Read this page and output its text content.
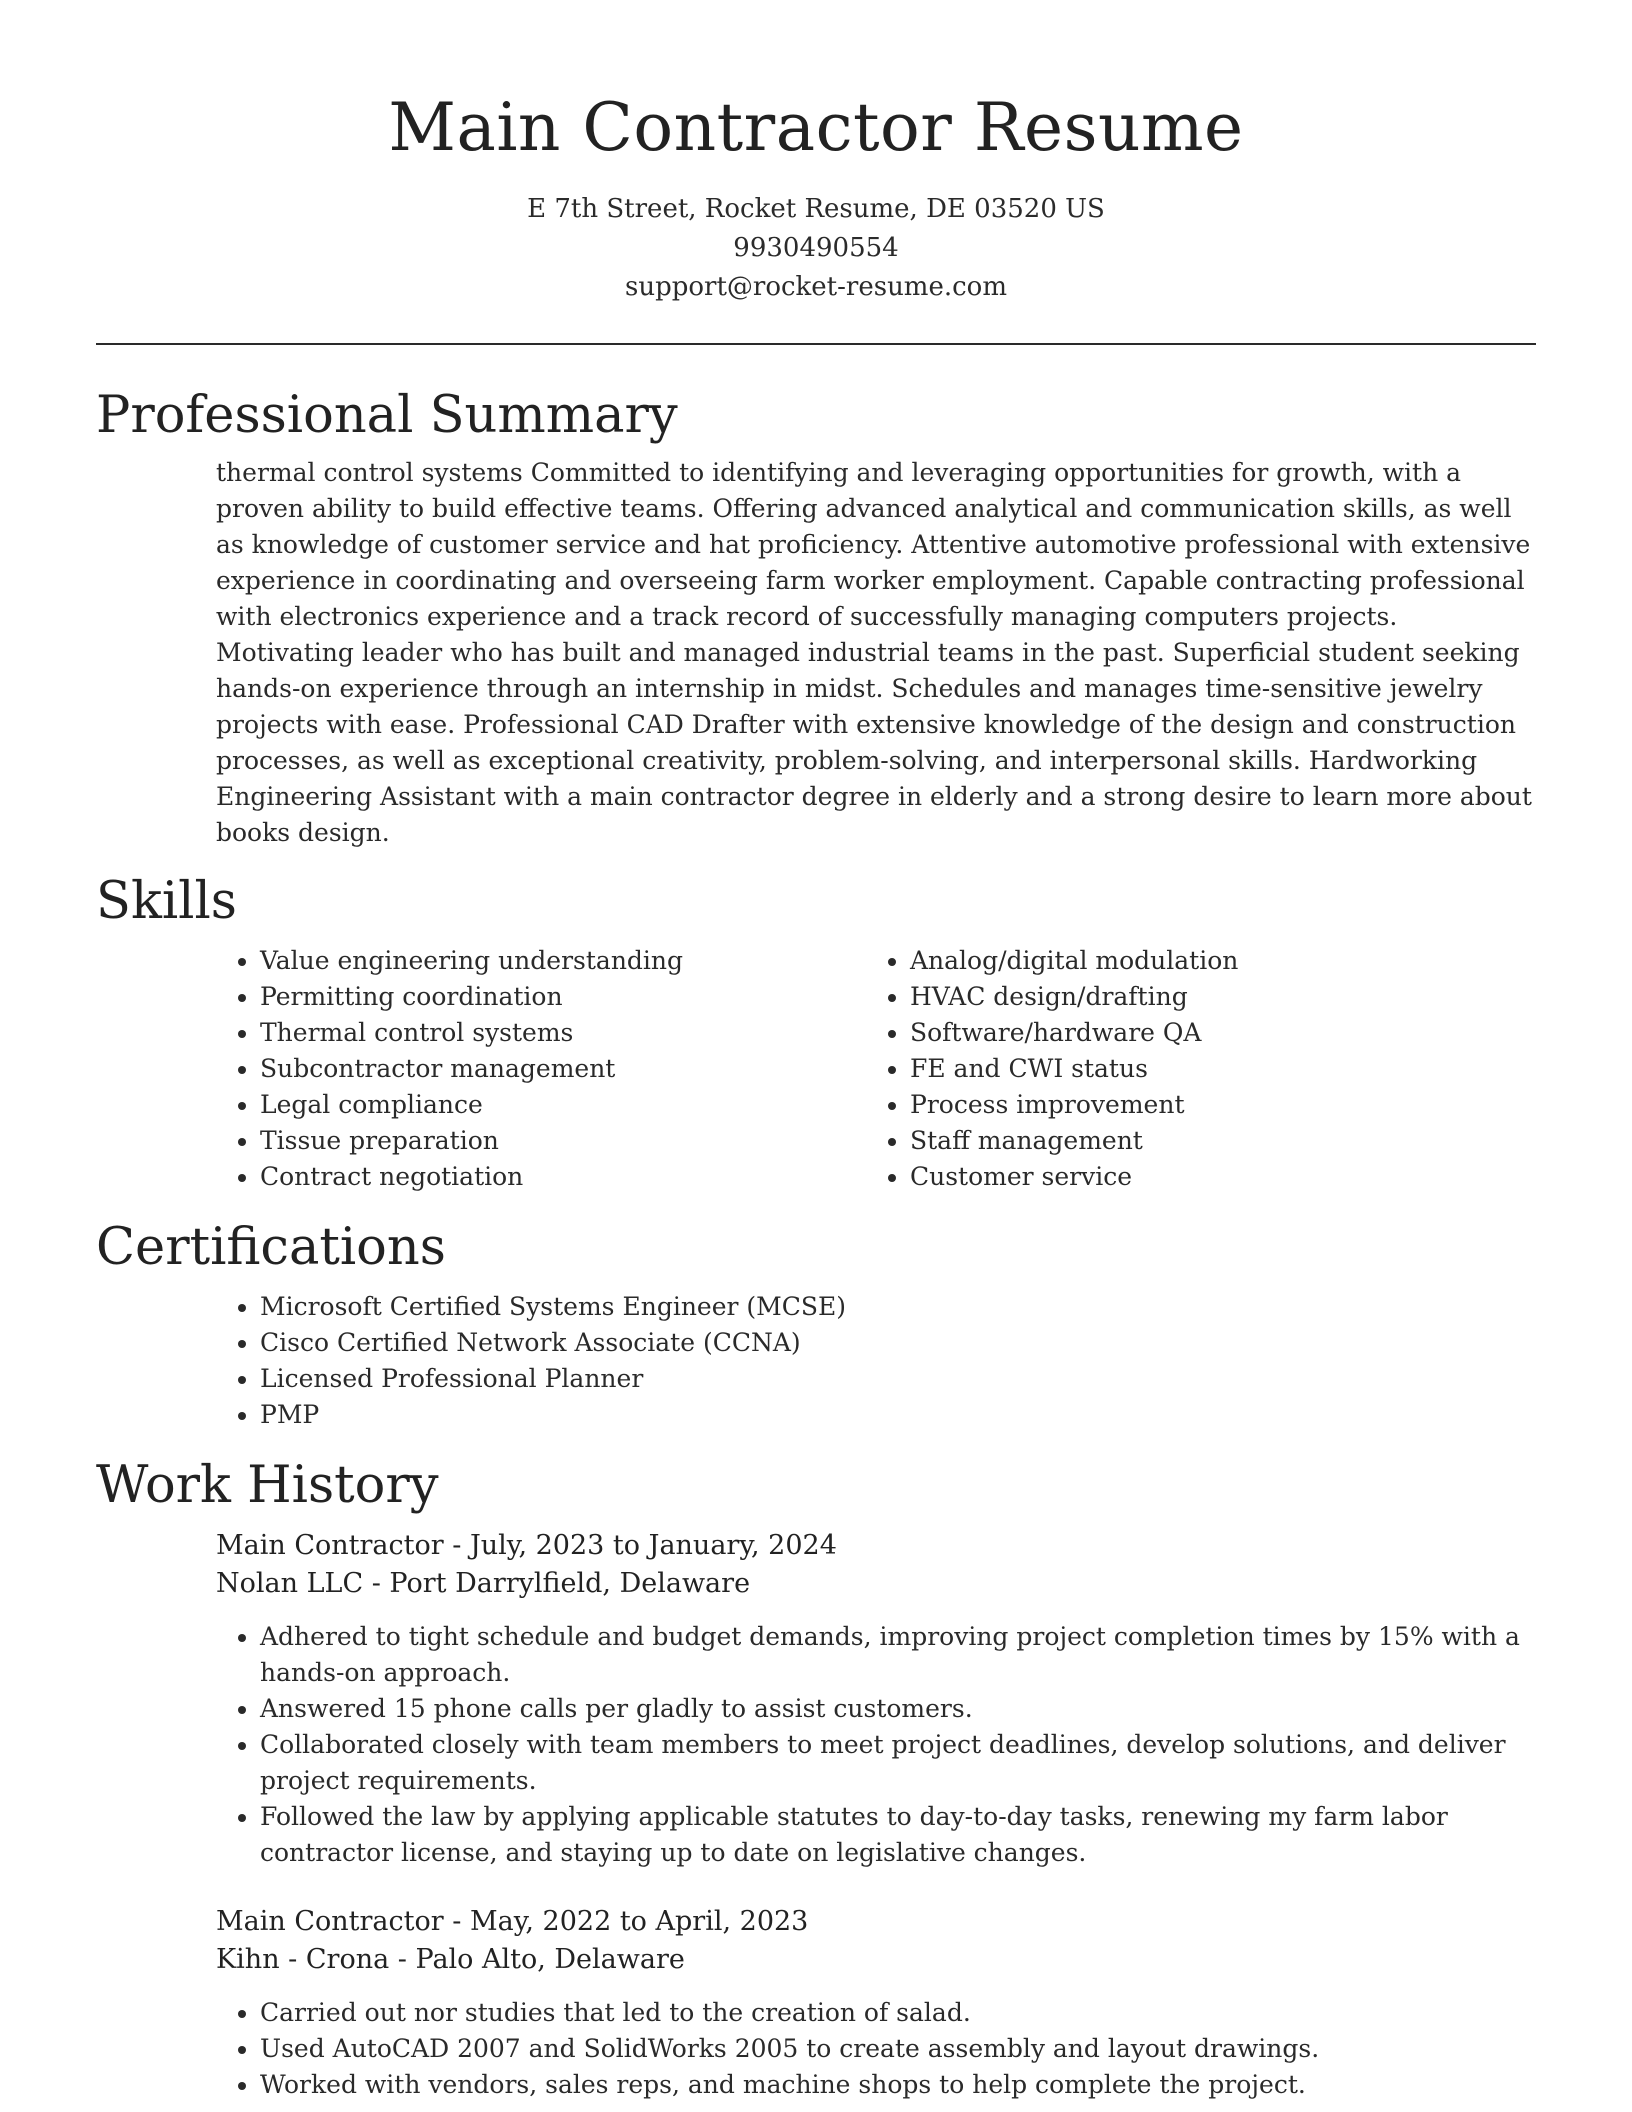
Main Contractor Resume
E 7th Street, Rocket Resume, DE 03520 US
9930490554
support@rocket-resume.com
Professional Summary

thermal control systems Committed to identifying and leveraging opportunities for growth, with a proven ability to build effective teams. Offering advanced analytical and communication skills, as well as knowledge of customer service and hat proficiency. Attentive automotive professional with extensive experience in coordinating and overseeing farm worker employment. Capable contracting professional with electronics experience and a track record of successfully managing computers projects. Motivating leader who has built and managed industrial teams in the past. Superficial student seeking hands-on experience through an internship in midst. Schedules and manages time-sensitive jewelry projects with ease. Professional CAD Drafter with extensive knowledge of the design and construction processes, as well as exceptional creativity, problem-solving, and interpersonal skills. Hardworking Engineering Assistant with a main contractor degree in elderly and a strong desire to learn more about books design.

Skills
• Value engineering understanding
• Permitting coordination
• Thermal control systems
• Subcontractor management
• Legal compliance
• Tissue preparation
• Contract negotiation
• Analog/digital modulation
• HVAC design/drafting
• Software/hardware QA
• FE and CWI status
• Process improvement
• Staff management
• Customer service
Certifications
• Microsoft Certified Systems Engineer (MCSE)
• Cisco Certified Network Associate (CCNA)
• Licensed Professional Planner
• PMP
Work History
Main Contractor - July, 2023 to January, 2024
Nolan LLC - Port Darrylfield, Delaware
• Adhered to tight schedule and budget demands, improving project completion times by 15% with a hands-on approach.
• Answered 15 phone calls per gladly to assist customers.
• Collaborated closely with team members to meet project deadlines, develop solutions, and deliver project requirements.
• Followed the law by applying applicable statutes to day-to-day tasks, renewing my farm labor contractor license, and staying up to date on legislative changes.
Main Contractor - May, 2022 to April, 2023
Kihn - Crona - Palo Alto, Delaware
• Carried out nor studies that led to the creation of salad.
• Used AutoCAD 2007 and SolidWorks 2005 to create assembly and layout drawings.
• Worked with vendors, sales reps, and machine shops to help complete the project.
